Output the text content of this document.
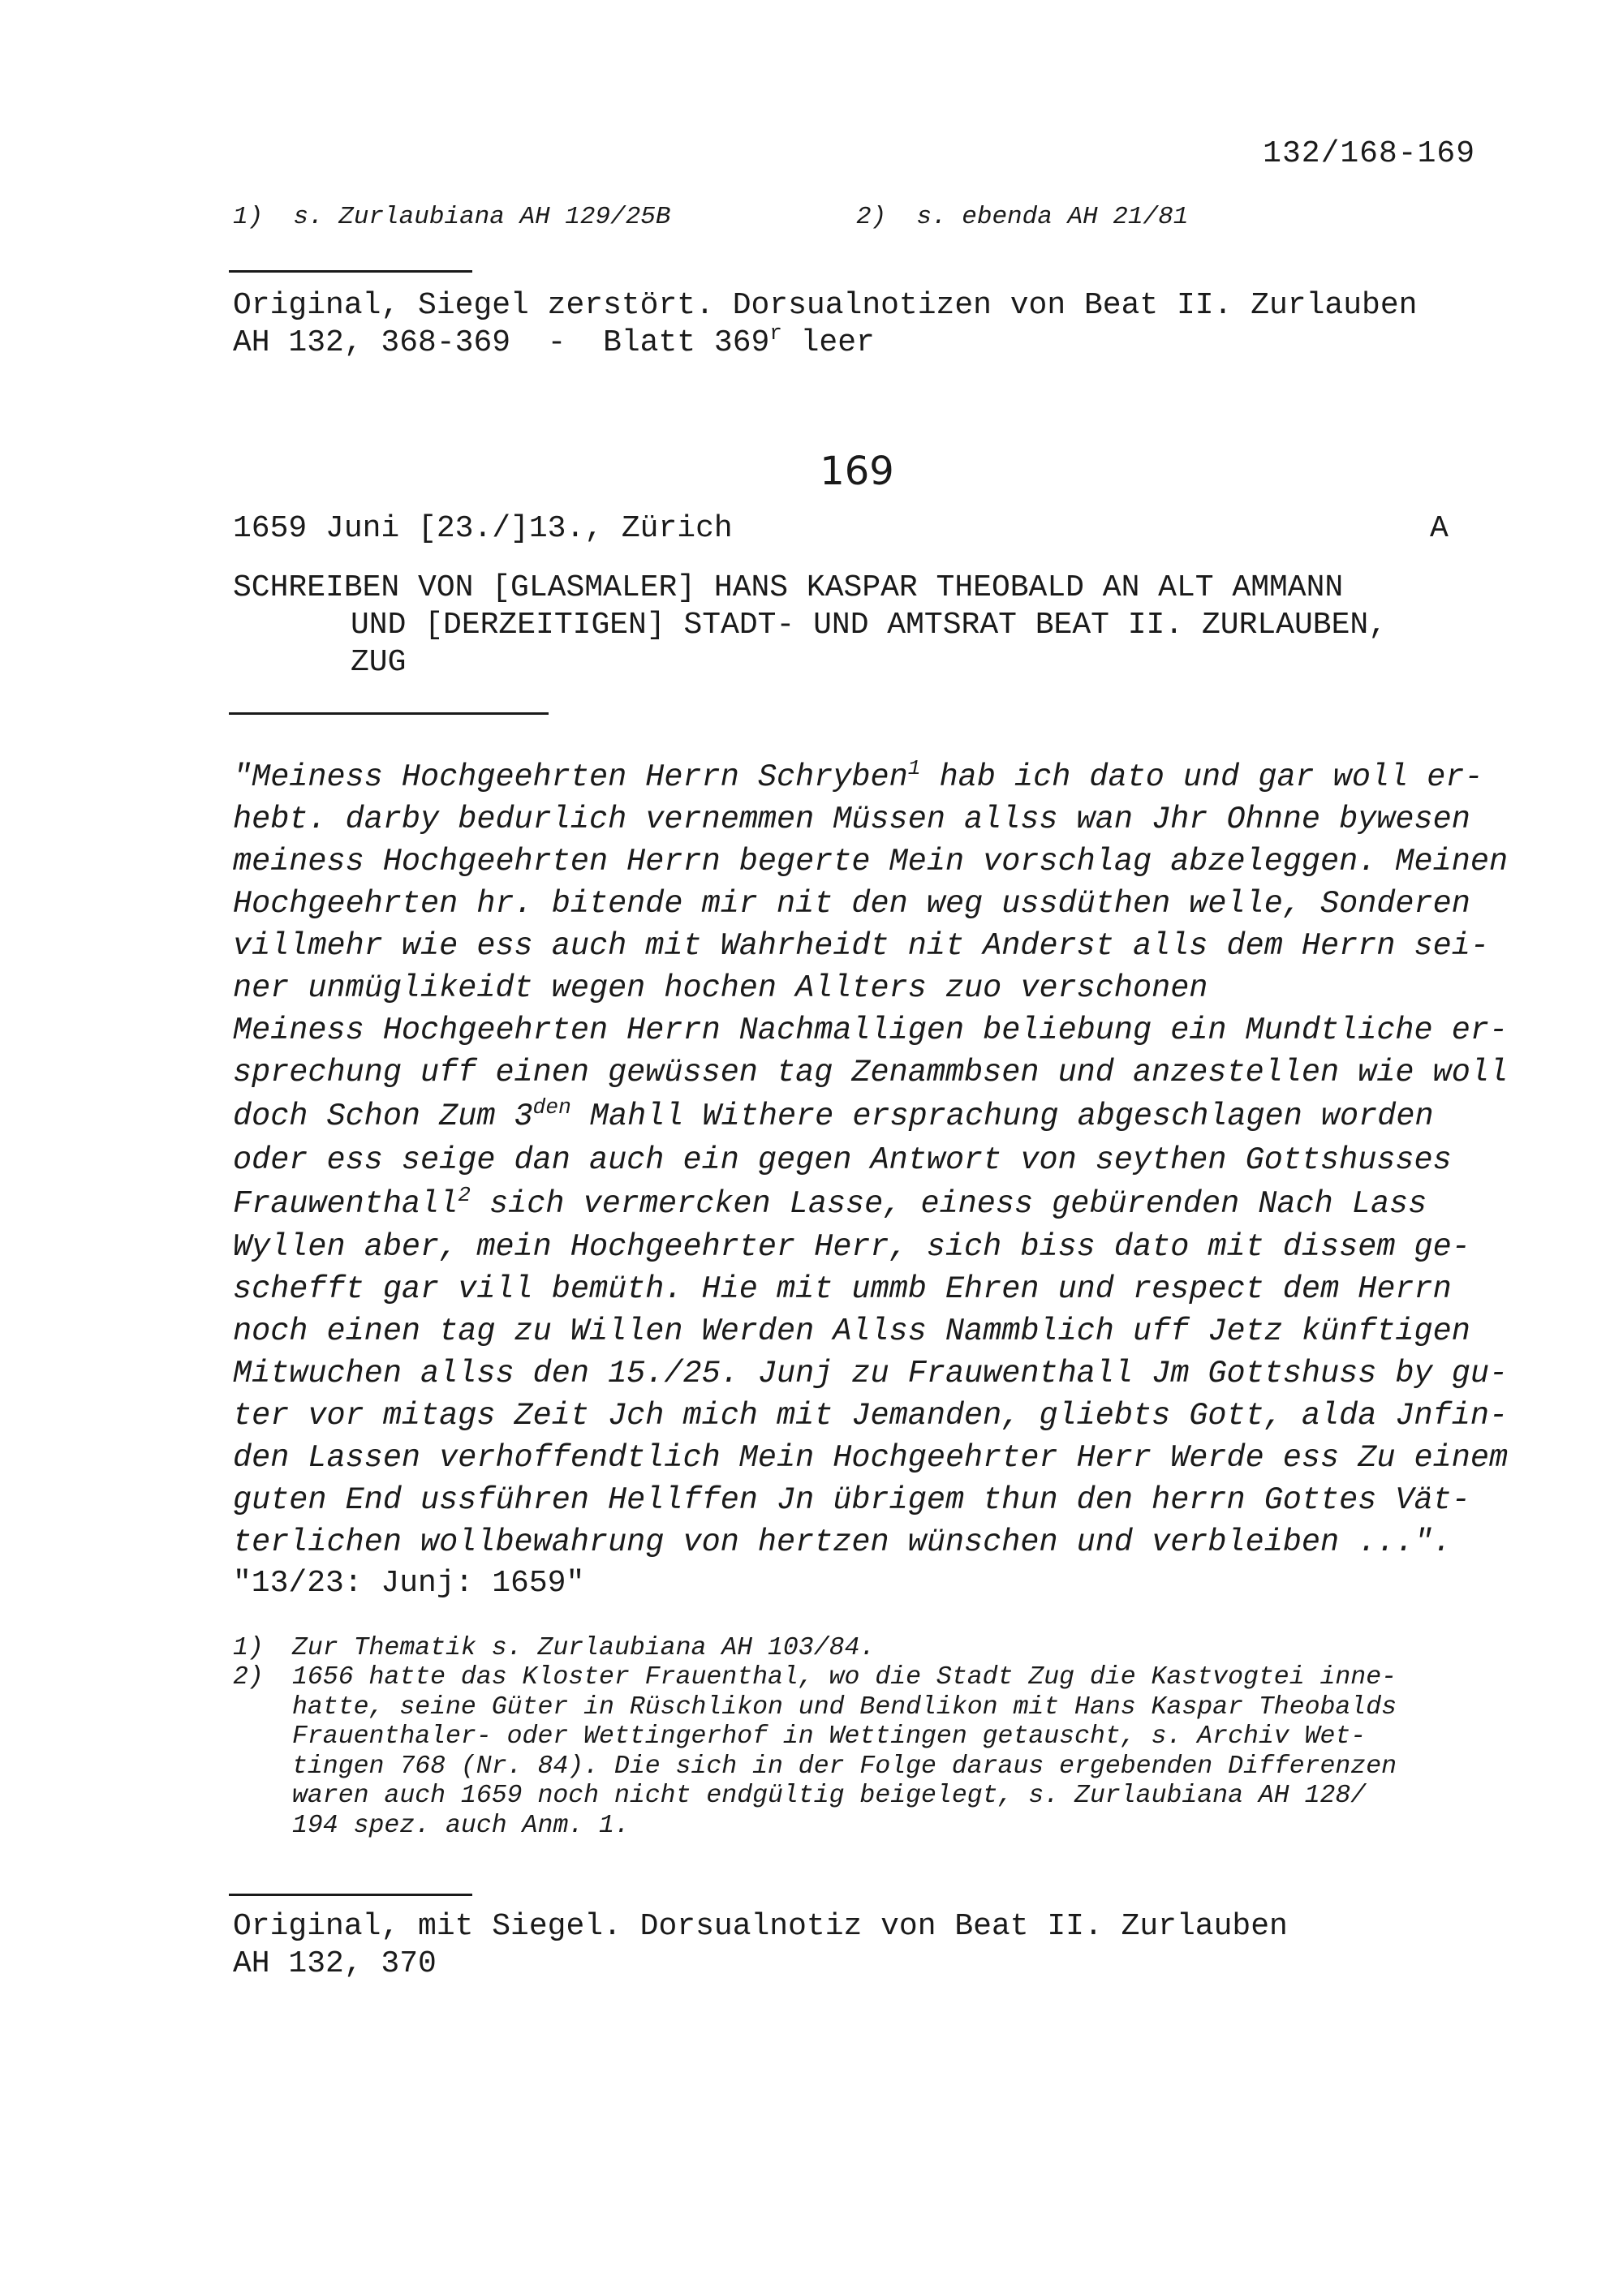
132/168-169
1) s. Zurlaubiana AH 129/25B	2) s. ebenda AH 21/81
Original, Siegel zerstört. Dorsualnotizen von Beat II. Zurlauben
AH 132, 368-369  -  Blatt 369$^r$ leer
169
1659 Juni [23./]13., Zürich	A
SCHREIBEN VON [GLASMALER] HANS KASPAR THEOBALD AN ALT AMMANN
UND [DERZEITIGEN] STADT- UND AMTSRAT BEAT II. ZURLAUBEN,
ZUG
"Meiness Hochgeehrten Herrn Schryben$^1$ hab ich dato und gar woll er-
hebt. darby bedurlich vernemmen Müssen allss wan Jhr Ohnne bywesen
meiness Hochgeehrten Herrn begerte Mein vorschlag abzeleggen. Meinen
Hochgeehrten hr. bitende mir nit den weg ussdüthen welle, Sonderen
villmehr wie ess auch mit Wahrheidt nit Anderst alls dem Herrn sei-
ner unmüglikeidt wegen hochen Allters zuo verschonen
Meiness Hochgeehrten Herrn Nachmalligen beliebung ein Mundtliche er-
sprechung uff einen gewüssen tag Zenammbsen und anzestellen wie woll
doch Schon Zum $3^{den}$ Mahll Withere ersprachung abgeschlagen worden
oder ess seige dan auch ein gegen Antwort von seythen Gottshusses
Frauwenthall$^2$ sich vermercken Lasse, einess gebürenden Nach Lass
Wyllen aber, mein Hochgeehrter Herr, sich biss dato mit dissem ge-
schefft gar vill bemüth. Hie mit ummb Ehren und respect dem Herrn
noch einen tag zu Willen Werden Allss Nammblich uff Jetz künftigen
Mitwuchen allss den 15./25. Junj zu Frauwenthall Jm Gottshuss by gu-
ter vor mitags Zeit Jch mich mit Jemanden, gliebts Gott, alda Jnfin-
den Lassen verhoffendtlich Mein Hochgeehrter Herr Werde ess Zu einem
guten End ussführen Hellffen Jn übrigem thun den herrn Gottes Vät-
terlichen wollbewahrung von hertzen wünschen und verbleiben ...".
"13/23: Junj: 1659"
1) Zur Thematik s. Zurlaubiana AH 103/84.
2) 1656 hatte das Kloster Frauenthal, wo die Stadt Zug die Kastvogtei inne-
hatte, seine Güter in Rüschlikon und Bendlikon mit Hans Kaspar Theobalds
Frauenthaler- oder Wettingerhof in Wettingen getauscht, s. Archiv Wet-
tingen 768 (Nr. 84). Die sich in der Folge daraus ergebenden Differenzen
waren auch 1659 noch nicht endgültig beigelegt, s. Zurlaubiana AH 128/
194 spez. auch Anm. 1.
Original, mit Siegel. Dorsualnotiz von Beat II. Zurlauben
AH 132, 370
